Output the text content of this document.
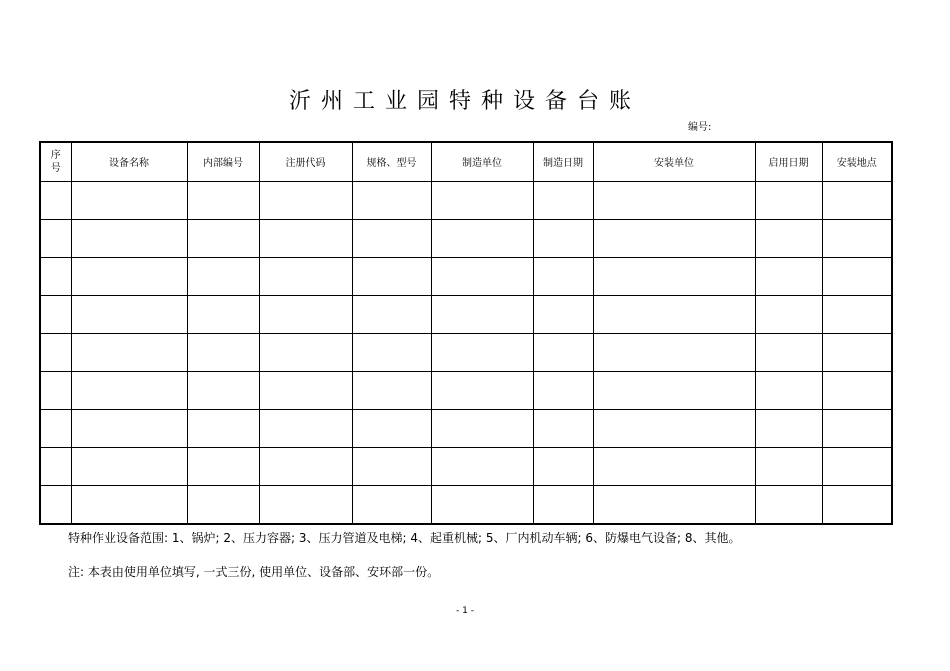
沂州工业园特种设备台账
编号:
序号	设备名称	内部编号	注册代码	规格、型号	制造单位	制造日期	安装单位	启用日期	安装地点

特种作业设备范围: 1、锅炉; 2、压力容器; 3、压力管道及电梯; 4、起重机械; 5、厂内机动车辆; 6、防爆电气设备; 8、其他。
注: 本表由使用单位填写, 一式三份, 使用单位、设备部、安环部一份。
- 1 -
